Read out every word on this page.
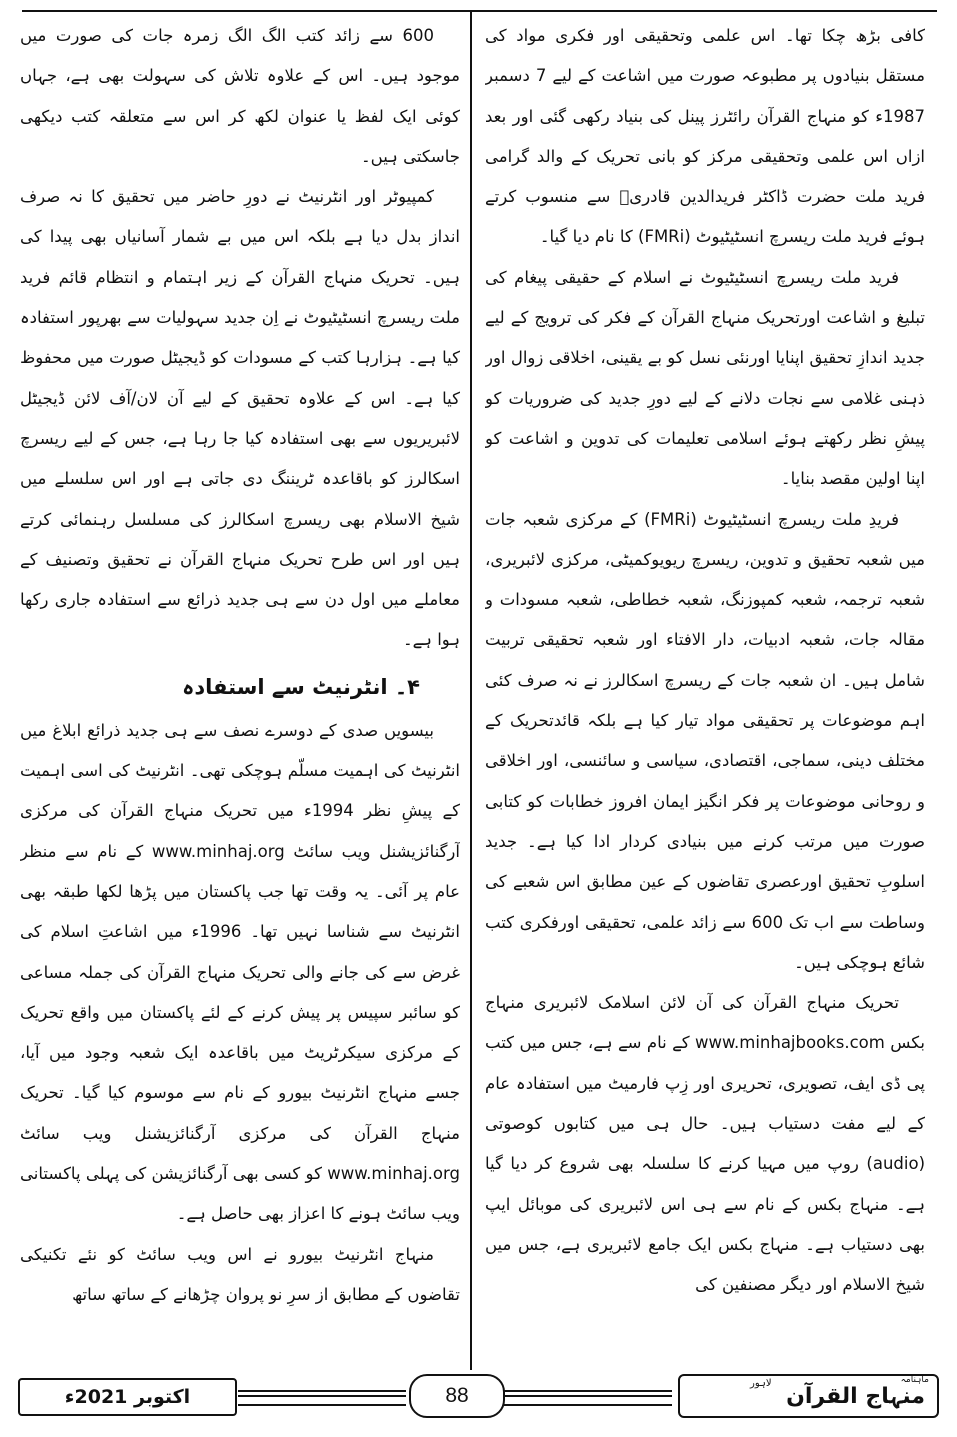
کافی بڑھ چکا تھا۔ اس علمی وتحقیقی اور فکری مواد کی مستقل بنیادوں پر مطبوعہ صورت میں اشاعت کے لیے 7 دسمبر 1987ء کو منہاج القرآن رائٹرز پینل کی بنیاد رکھی گئی اور بعد ازاں اس علمی وتحقیقی مرکز کو بانی تحریک کے والد گرامی فرید ملت حضرت ڈاکٹر فریدالدین قادریؒ سے منسوب کرتے ہوئے فرید ملت ریسرچ انسٹیٹیوٹ (FMRi) کا نام دیا گیا۔

فرید ملت ریسرچ انسٹیٹیوٹ نے اسلام کے حقیقی پیغام کی تبلیغ و اشاعت اورتحریک منہاج القرآن کے فکر کی ترویج کے لیے جدید اندازِ تحقیق اپنایا اورنئی نسل کو بے یقینی، اخلاقی زوال اور ذہنی غلامی سے نجات دلانے کے لیے دورِ جدید کی ضروریات کو پیشِ نظر رکھتے ہوئے اسلامی تعلیمات کی تدوین و اشاعت کو اپنا اولین مقصد بنایا۔

فریدِ ملت ریسرچ انسٹیٹیوٹ (FMRi) کے مرکزی شعبہ جات میں شعبہ تحقیق و تدوین، ریسرچ ریویوکمیٹی، مرکزی لائبریری، شعبہ ترجمہ، شعبہ کمپوزنگ، شعبہ خطاطی، شعبہ مسودات و مقالہ جات، شعبہ ادبیات، دار الافتاء اور شعبہ تحقیقی تربیت شامل ہیں۔ ان شعبہ جات کے ریسرچ اسکالرز نے نہ صرف کئی اہم موضوعات پر تحقیقی مواد تیار کیا ہے بلکہ قائدتحریک کے مختلف دینی، سماجی، اقتصادی، سیاسی و سائنسی، اور اخلاقی و روحانی موضوعات پر فکر انگیز ایمان افروز خطابات کو کتابی صورت میں مرتب کرنے میں بنیادی کردار ادا کیا ہے۔ جدید اسلوبِ تحقیق اورعصری تقاضوں کے عین مطابق اس شعبے کی وساطت سے اب تک 600 سے زائد علمی، تحقیقی اورفکری کتب شائع ہوچکی ہیں۔

تحریک منہاج القرآن کی آن لائن اسلامک لائبریری منہاج بکس www.minhajbooks.com کے نام سے ہے، جس میں کتب پی ڈی ایف، تصویری، تحریری اور زِپ فارمیٹ میں استفادہ عام کے لیے مفت دستیاب ہیں۔ حال ہی میں کتابوں کوصوتی (audio) روپ میں مہیا کرنے کا سلسلہ بھی شروع کر دیا گیا ہے۔ منہاج بکس کے نام سے ہی اس لائبریری کی موبائل ایپ بھی دستیاب ہے۔ منہاج بکس ایک جامع لائبریری ہے، جس میں شیخ الاسلام اور دیگر مصنفین کی

600 سے زائد کتب الگ الگ زمرہ جات کی صورت میں موجود ہیں۔ اس کے علاوہ تلاش کی سہولت بھی ہے، جہاں کوئی ایک لفظ یا عنوان لکھ کر اس سے متعلقہ کتب دیکھی جاسکتی ہیں۔

کمپیوٹر اور انٹرنیٹ نے دورِ حاضر میں تحقیق کا نہ صرف انداز بدل دیا ہے بلکہ اس میں بے شمار آسانیاں بھی پیدا کی ہیں۔ تحریک منہاج القرآن کے زیر اہتمام و انتظام قائم فرید ملت ریسرچ انسٹیٹیوٹ نے اِن جدید سہولیات سے بھرپور استفادہ کیا ہے۔ ہزارہا کتب کے مسودات کو ڈیجیٹل صورت میں محفوظ کیا ہے۔ اس کے علاوہ تحقیق کے لیے آن لان/آف لائن ڈیجیٹل لائبریریوں سے بھی استفادہ کیا جا رہا ہے، جس کے لیے ریسرچ اسکالرز کو باقاعدہ ٹریننگ دی جاتی ہے اور اس سلسلے میں شیخ الاسلام بھی ریسرچ اسکالرز کی مسلسل رہنمائی کرتے ہیں اور اس طرح تحریک منہاج القرآن نے تحقیق وتصنیف کے معاملے میں اول دن سے ہی جدید ذرائع سے استفادہ جاری رکھا ہوا ہے۔

۴۔ انٹرنیٹ سے استفادہ

بیسویں صدی کے دوسرے نصف سے ہی جدید ذرائع ابلاغ میں انٹرنیٹ کی اہمیت مسلّم ہوچکی تھی۔ انٹرنیٹ کی اسی اہمیت کے پیشِ نظر 1994ء میں تحریک منہاج القرآن کی مرکزی آرگنائزیشنل ویب سائٹ www.minhaj.org کے نام سے منظر عام پر آئی۔ یہ وقت تھا جب پاکستان میں پڑھا لکھا طبقہ بھی انٹرنیٹ سے شناسا نہیں تھا۔ 1996ء میں اشاعتِ اسلام کی غرض سے کی جانے والی تحریک منہاج القرآن کی جملہ مساعی کو سائبر سپیس پر پیش کرنے کے لئے پاکستان میں واقع تحریک کے مرکزی سیکرٹریٹ میں باقاعدہ ایک شعبہ وجود میں آیا، جسے منہاج انٹرنیٹ بیورو کے نام سے موسوم کیا گیا۔ تحریک منہاج القرآن کی مرکزی آرگنائزیشنل ویب سائٹ www.minhaj.org کو کسی بھی آرگنائزیشن کی پہلی پاکستانی ویب سائٹ ہونے کا اعزاز بھی حاصل ہے۔

منہاج انٹرنیٹ بیورو نے اس ویب سائٹ کو نئے تکنیکی تقاضوں کے مطابق از سرِ نو پروان چڑھانے کے ساتھ ساتھ

اکتوبر 2021ء	88
ماہنامہ
منہاج القرآن
لاہور
